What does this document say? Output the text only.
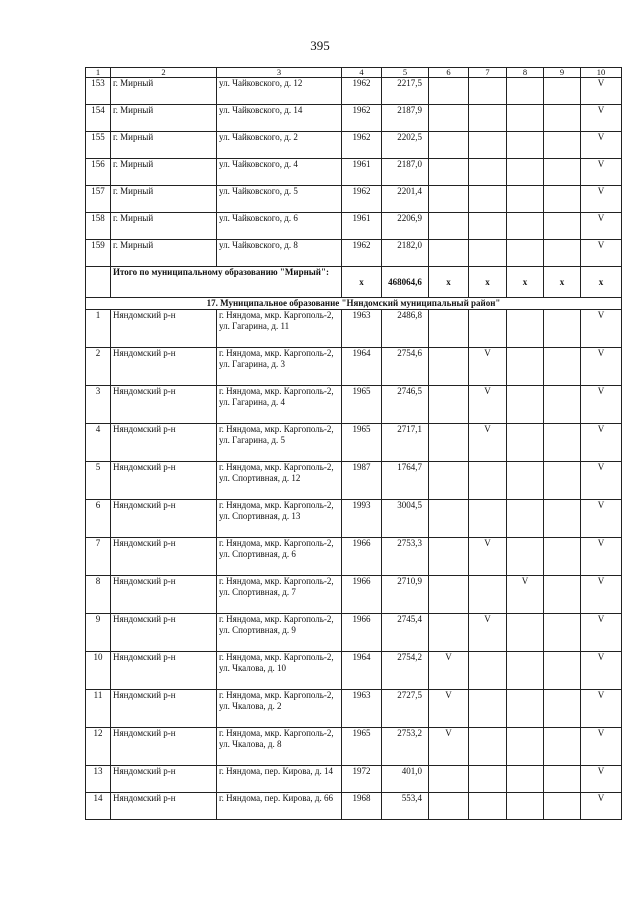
395
1	2	3	4	5	6	7	8	9	10
153	г. Мирный	ул. Чайковского, д. 12	1962	2217,5					V
154	г. Мирный	ул. Чайковского, д. 14	1962	2187,9					V
155	г. Мирный	ул. Чайковского, д. 2	1962	2202,5					V
156	г. Мирный	ул. Чайковского, д. 4	1961	2187,0					V
157	г. Мирный	ул. Чайковского, д. 5	1962	2201,4					V
158	г. Мирный	ул. Чайковского, д. 6	1961	2206,9					V
159	г. Мирный	ул. Чайковского, д. 8	1962	2182,0					V
	Итого по муниципальному образованию "Мирный":		x	468064,6	x	x	x	x	x
17. Муниципальное образование "Няндомский муниципальный район"									
1	Няндомский р-н	г. Няндома, мкр. Каргополь-2, ул. Гагарина, д. 11	1963	2486,8					V
2	Няндомский р-н	г. Няндома, мкр. Каргополь-2, ул. Гагарина, д. 3	1964	2754,6		V			V
3	Няндомский р-н	г. Няндома, мкр. Каргополь-2, ул. Гагарина, д. 4	1965	2746,5		V			V
4	Няндомский р-н	г. Няндома, мкр. Каргополь-2, ул. Гагарина, д. 5	1965	2717,1		V			V
5	Няндомский р-н	г. Няндома, мкр. Каргополь-2, ул. Спортивная, д. 12	1987	1764,7					V
6	Няндомский р-н	г. Няндома, мкр. Каргополь-2, ул. Спортивная, д. 13	1993	3004,5					V
7	Няндомский р-н	г. Няндома, мкр. Каргополь-2, ул. Спортивная, д. 6	1966	2753,3		V			V
8	Няндомский р-н	г. Няндома, мкр. Каргополь-2, ул. Спортивная, д. 7	1966	2710,9			V		V
9	Няндомский р-н	г. Няндома, мкр. Каргополь-2, ул. Спортивная, д. 9	1966	2745,4		V			V
10	Няндомский р-н	г. Няндома, мкр. Каргополь-2, ул. Чкалова, д. 10	1964	2754,2	V				V
11	Няндомский р-н	г. Няндома, мкр. Каргополь-2, ул. Чкалова, д. 2	1963	2727,5	V				V
12	Няндомский р-н	г. Няндома, мкр. Каргополь-2, ул. Чкалова, д. 8	1965	2753,2	V				V
13	Няндомский р-н	г. Няндома, пер. Кирова, д. 14	1972	401,0					V
14	Няндомский р-н	г. Няндома, пер. Кирова, д. 66	1968	553,4					V
